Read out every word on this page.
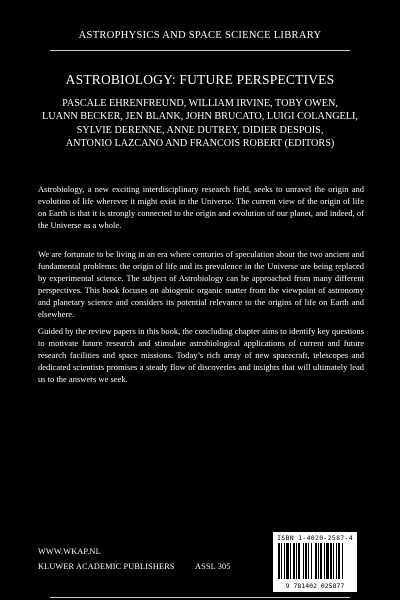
ASTROPHYSICS AND SPACE SCIENCE LIBRARY
ASTROBIOLOGY: FUTURE PERSPECTIVES
PASCALE EHRENFREUND, WILLIAM IRVINE, TOBY OWEN,
LUANN BECKER, JEN BLANK, JOHN BRUCATO, LUIGI COLANGELI,
SYLVIE DERENNE, ANNE DUTREY, DIDIER DESPOIS,
ANTONIO LAZCANO AND FRANCOIS ROBERT (EDITORS)
Astrobiology, a new exciting interdisciplinary research field, seeks to unravel the origin and evolution of life wherever it might exist in the Universe. The current view of the origin of life on Earth is that it is strongly connected to the origin and evolution of our planet, and indeed, of the Universe as a whole.
We are fortunate to be living in an era where centuries of speculation about the two ancient and fundamental problems: the origin of life and its prevalence in the Universe are being replaced by experimental science. The subject of Astrobiology can be approached from many different perspectives. This book focuses on abiogenic organic matter from the viewpoint of astronomy and planetary science and considers its potential relevance to the origins of life on Earth and elsewhere.
Guided by the review papers in this book, the concluding chapter aims to identify key questions to motivate future research and stimulate astrobiological applications of current and future research facilities and space missions. Today’s rich array of new spacecraft, telescopes and dedicated scientists promises a steady flow of discoveries and insights that will ultimately lead us to the answers we seek.
WWW.WKAP.NL
KLUWER ACADEMIC PUBLISHERS ASSL 305
ISBN 1-4020-2587-4
9 781402 025877
